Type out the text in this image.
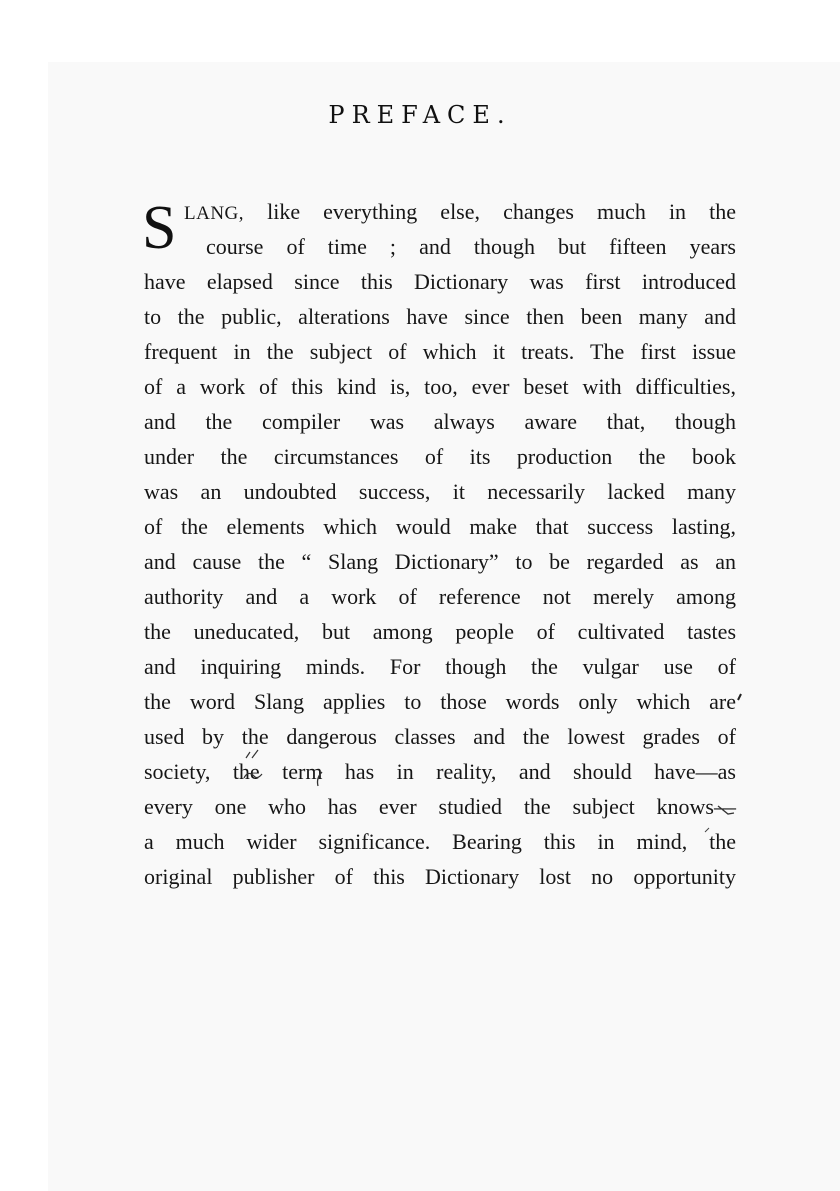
PREFACE.
S LANG, like everything else, changes much in the
course of time ; and though but fifteen years
have elapsed since this Dictionary was first introduced
to the public, alterations have since then been many and
frequent in the subject of which it treats. The first issue
of a work of this kind is, too, ever beset with difficulties,
and the compiler was always aware that, though
under the circumstances of its production the book
was an undoubted success, it necessarily lacked many
of the elements which would make that success lasting,
and cause the “ Slang Dictionary” to be regarded as an
authority and a work of reference not merely among
the uneducated, but among people of cultivated tastes
and inquiring minds. For though the vulgar use of
the word Slang applies to those words only which are
used by the dangerous classes and the lowest grades of
society, the term has in reality, and should have—as
every one who has ever studied the subject knows—
a much wider significance. Bearing this in mind, the
original publisher of this Dictionary lost no opportunity
